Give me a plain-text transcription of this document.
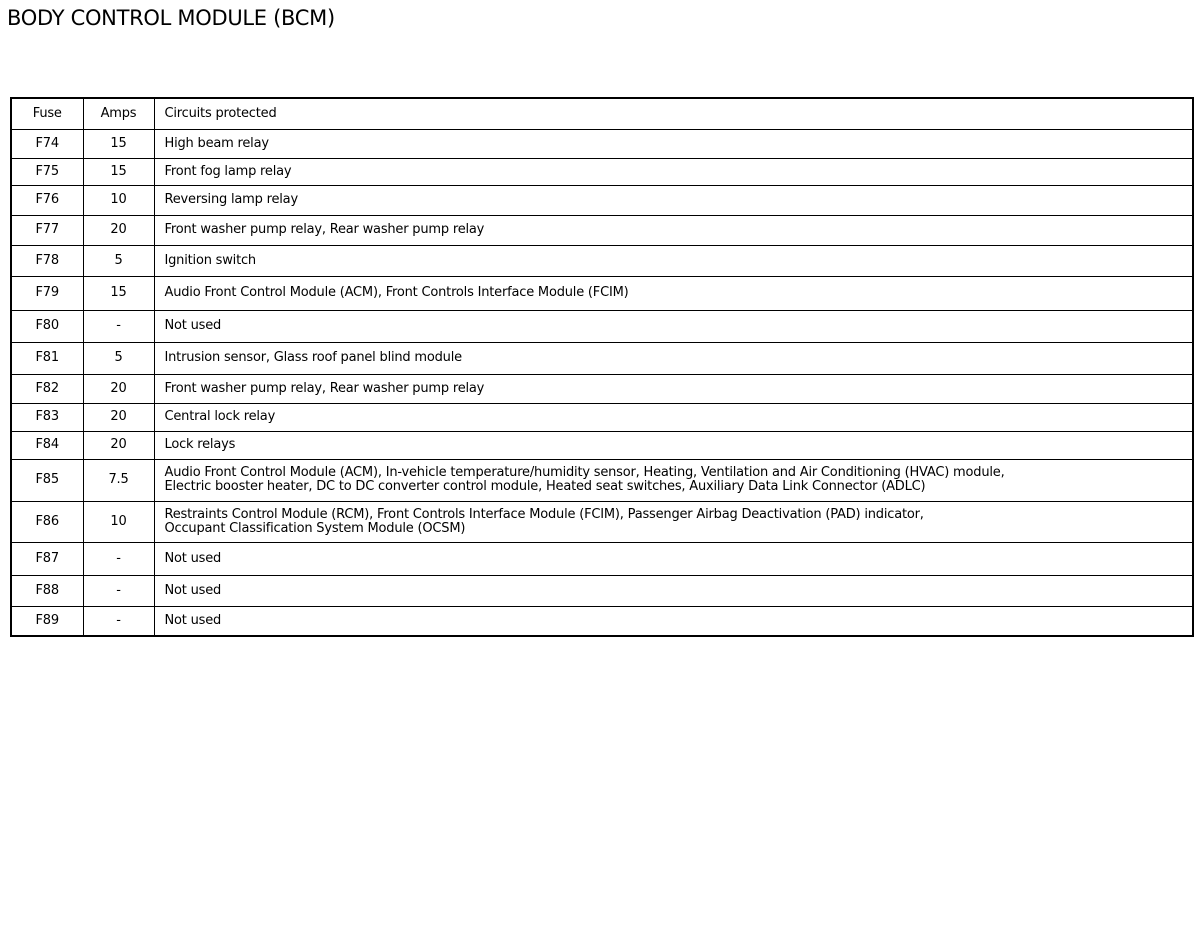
BODY CONTROL MODULE (BCM)
Fuse	Amps	Circuits protected
F74	15	High beam relay
F75	15	Front fog lamp relay
F76	10	Reversing lamp relay
F77	20	Front washer pump relay, Rear washer pump relay
F78	5	Ignition switch
F79	15	Audio Front Control Module (ACM), Front Controls Interface Module (FCIM)
F80	-	Not used
F81	5	Intrusion sensor, Glass roof panel blind module
F82	20	Front washer pump relay, Rear washer pump relay
F83	20	Central lock relay
F84	20	Lock relays
F85	7.5	Audio Front Control Module (ACM), In-vehicle temperature/humidity sensor, Heating, Ventilation and Air Conditioning (HVAC) module,
Electric booster heater, DC to DC converter control module, Heated seat switches, Auxiliary Data Link Connector (ADLC)
F86	10	Restraints Control Module (RCM), Front Controls Interface Module (FCIM), Passenger Airbag Deactivation (PAD) indicator,
Occupant Classification System Module (OCSM)
F87	-	Not used
F88	-	Not used
F89	-	Not used
